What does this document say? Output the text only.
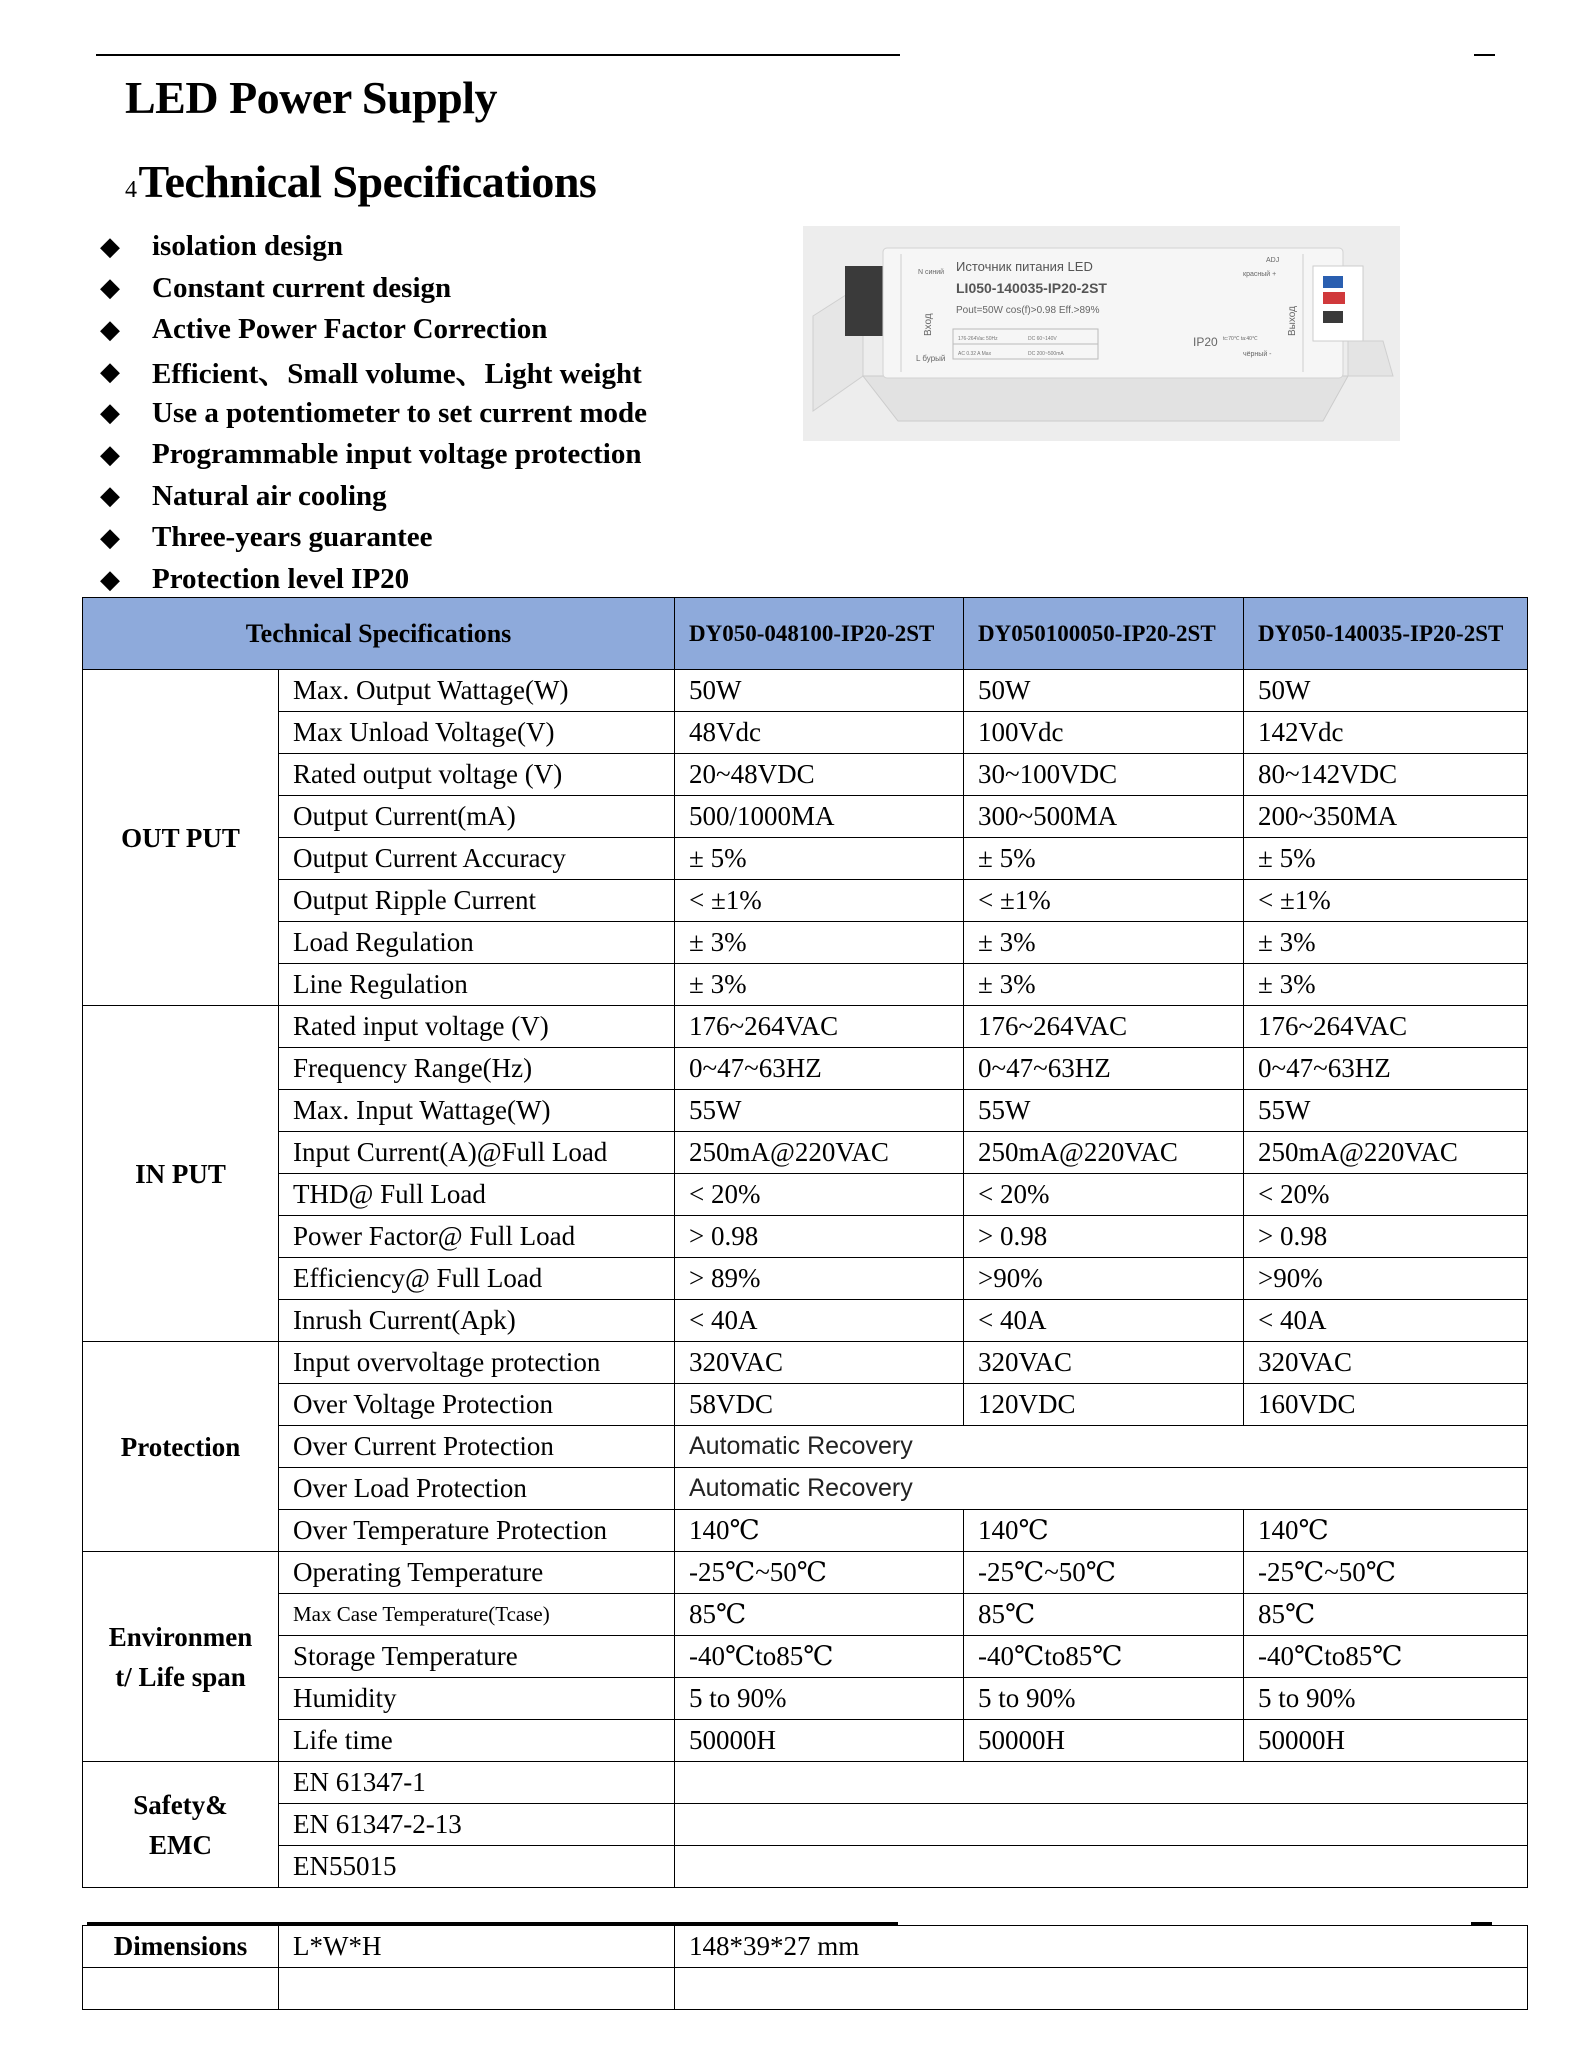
LED Power Supply
4Technical Specifications
◆ isolation design
◆ Constant current design
◆ Active Power Factor Correction
◆ Efficient、Small volume、Light weight
◆ Use a potentiometer to set current mode
◆ Programmable input voltage protection
◆ Natural air cooling
◆ Three-years guarantee
◆ Protection level IP20
Источник питания LED
LI050-140035-IP20-2ST
Pout=50W cos(f)>0.98 Eff.>89%
N синий
L бурый
Вход	Выход
красный +
чёрный -
ADJ
IP20 tc:70℃ ta:40℃
176-264Vac 50Hz	DC 60~140V
AC 0.32 A Max	DC 200~500mA
Technical Specifications		DY050-048100-IP20-2ST	DY050100050-IP20-2ST	DY050-140035-IP20-2ST
OUT PUT	Max. Output Wattage(W)	50W	50W	50W
	Max Unload Voltage(V)	48Vdc	100Vdc	142Vdc
	Rated output voltage (V)	20~48VDC	30~100VDC	80~142VDC
	Output Current(mA)	500/1000MA	300~500MA	200~350MA
	Output Current Accuracy	± 5%	± 5%	± 5%
	Output Ripple Current	< ±1%	< ±1%	< ±1%
	Load Regulation	± 3%	± 3%	± 3%
	Line Regulation	± 3%	± 3%	± 3%
IN PUT	Rated input voltage (V)	176~264VAC	176~264VAC	176~264VAC
	Frequency Range(Hz)	0~47~63HZ	0~47~63HZ	0~47~63HZ
	Max. Input Wattage(W)	55W	55W	55W
	Input Current(A)@Full Load	250mA@220VAC	250mA@220VAC	250mA@220VAC
	THD@ Full Load	< 20%	< 20%	< 20%
	Power Factor@ Full Load	> 0.98	> 0.98	> 0.98
	Efficiency@ Full Load	> 89%	>90%	>90%
	Inrush Current(Apk)	< 40A	< 40A	< 40A
Protection	Input overvoltage protection	320VAC	320VAC	320VAC
	Over Voltage Protection	58VDC	120VDC	160VDC
	Over Current Protection	Automatic Recovery		
	Over Load Protection	Automatic Recovery		
	Over Temperature Protection	140℃	140℃	140℃
Environmen
t/ Life span	Operating Temperature	-25℃~50℃	-25℃~50℃	-25℃~50℃
	Max Case Temperature(Tcase)	85℃	85℃	85℃
	Storage Temperature	-40℃to85℃	-40℃to85℃	-40℃to85℃
	Humidity	5 to 90%	5 to 90%	5 to 90%
	Life time	50000H	50000H	50000H
Safety&
EMC	EN 61347-1			
	EN 61347-2-13			
	EN55015			
Dimensions	L*W*H	148*39*27 mm
